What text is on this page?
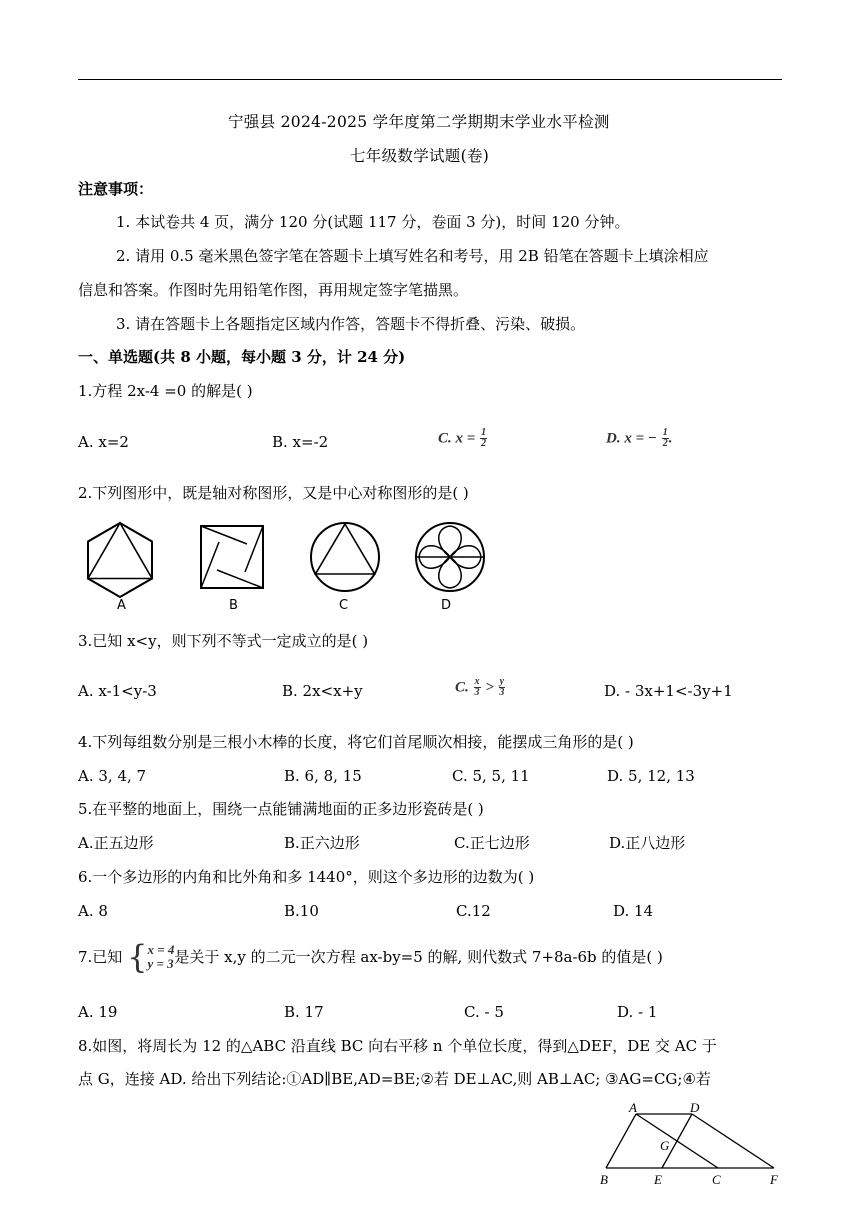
宁强县 2024-2025 学年度第二学期期末学业水平检测
七年级数学试题(卷)
注意事项：
1. 本试卷共 4 页，满分 120 分(试题 117 分，卷面 3 分)，时间 120 分钟。
2. 请用 0.5 毫米黑色签字笔在答题卡上填写姓名和考号，用 2B 铅笔在答题卡上填涂相应
信息和答案。作图时先用铅笔作图，再用规定签字笔描黑。
3. 请在答题卡上各题指定区域内作答，答题卡不得折叠、污染、破损。
一、单选题(共 8 小题，每小题 3 分，计 24 分)
1.方程 2x-4 =0 的解是( )
A. x=2	B. x=-2	C. $x = \frac{1}{2}$	D. x = − $\frac{1}{2}$ .
2.下列图形中，既是轴对称图形，又是中心对称图形的是( )
A	B	C	D
3.已知 x<y，则下列不等式一定成立的是( )
A. x-1<y-3	B. 2x<x+y	C. $\frac{x}{3} > \frac{y}{3}$	D. - 3x+1<-3y+1
4.下列每组数分别是三根小木棒的长度，将它们首尾顺次相接，能摆成三角形的是( )
A. 3, 4, 7	B. 6, 8, 15	C. 5, 5, 11	D. 5, 12, 13
5.在平整的地面上，围绕一点能铺满地面的正多边形瓷砖是( )
A.正五边形	B.正六边形	C.正七边形	D.正八边形
6.一个多边形的内角和比外角和多 1440°，则这个多边形的边数为( )
A. 8	B.10	C.12	D. 14
7.已知 { x = 4
y = 3 是关于 x,y 的二元一次方程 ax-by=5 的解, 则代数式 7+8a-6b 的值是( )
A. 19	B. 17	C. - 5	D. - 1
8.如图，将周长为 12 的△ABC 沿直线 BC 向右平移 n 个单位长度，得到△DEF，DE 交 AC 于
点 G，连接 AD. 给出下列结论:①AD∥BE,AD=BE;②若 DE⊥AC,则 AB⊥AC; ③AG=CG;④若
A	D
G
B	E	C	F
